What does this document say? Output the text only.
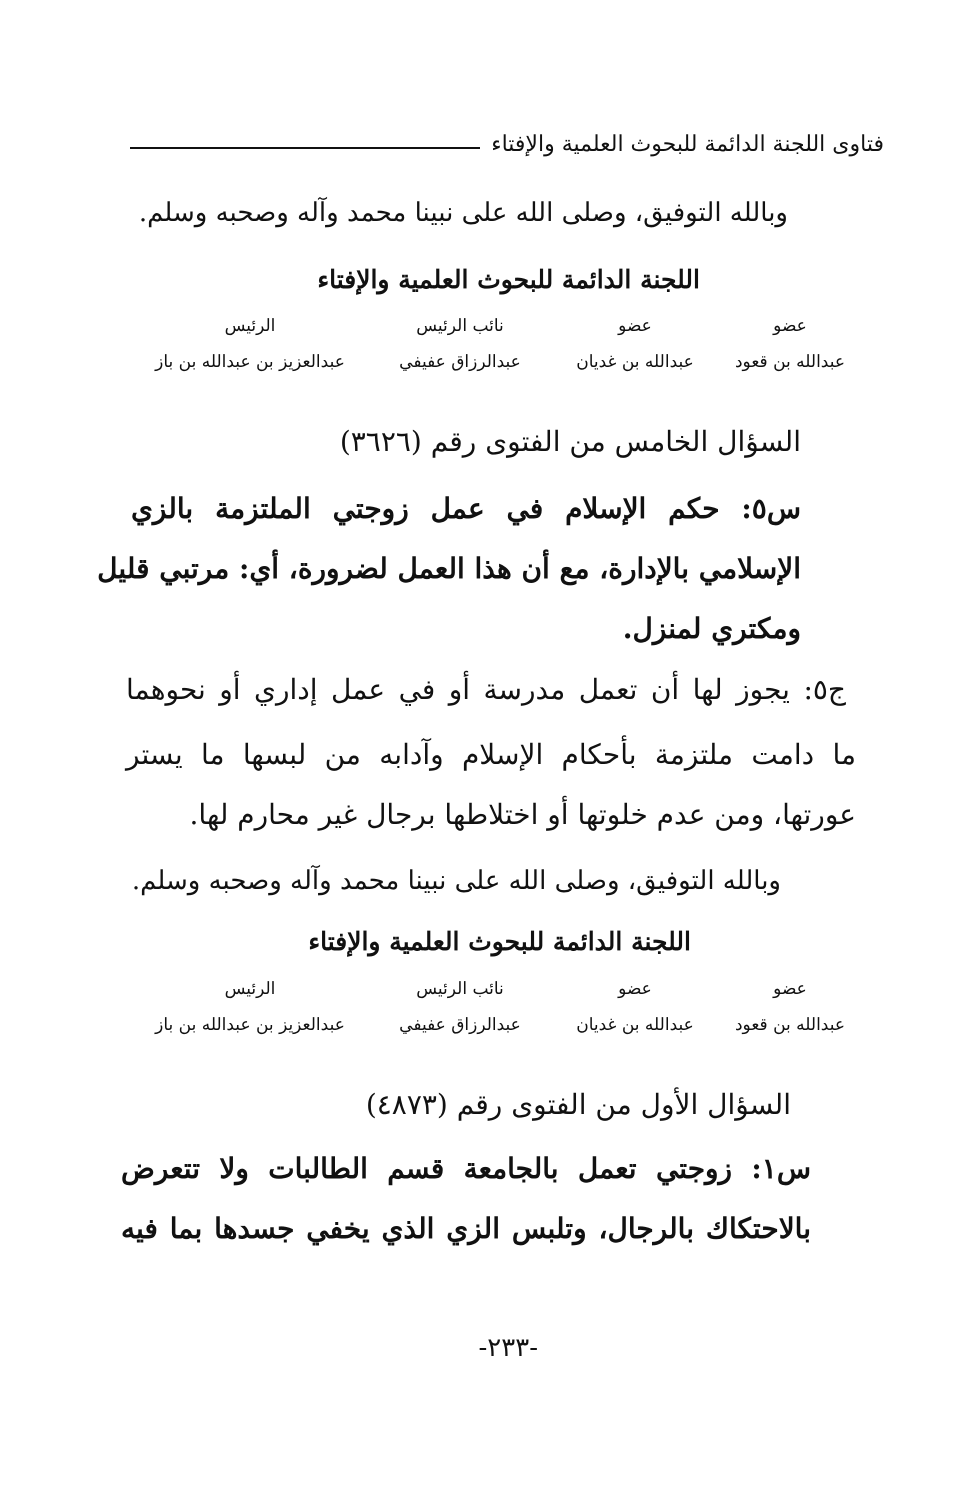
فتاوى اللجنة الدائمة للبحوث العلمية والإفتاء
وبالله التوفيق، وصلى الله على نبينا محمد وآله وصحبه وسلم.
اللجنة الدائمة للبحوث العلمية والإفتاء
عضو
عبدالله بن قعود
عضو
عبدالله بن غديان
نائب الرئيس
عبدالرزاق عفيفي
الرئيس
عبدالعزيز بن عبدالله بن باز
السؤال الخامس من الفتوى رقم (٣٦٢٦)
س٥: حكم الإسلام في عمل زوجتي الملتزمة بالزي
الإسلامي بالإدارة، مع أن هذا العمل لضرورة، أي: مرتبي قليل
ومكتري لمنزل.
ج٥: يجوز لها أن تعمل مدرسة أو في عمل إداري أو نحوهما
ما دامت ملتزمة بأحكام الإسلام وآدابه من لبسها ما يستر
عورتها، ومن عدم خلوتها أو اختلاطها برجال غير محارم لها.
وبالله التوفيق، وصلى الله على نبينا محمد وآله وصحبه وسلم.
اللجنة الدائمة للبحوث العلمية والإفتاء
عضو
عبدالله بن قعود
عضو
عبدالله بن غديان
نائب الرئيس
عبدالرزاق عفيفي
الرئيس
عبدالعزيز بن عبدالله بن باز
السؤال الأول من الفتوى رقم (٤٨٧٣)
س١: زوجتي تعمل بالجامعة قسم الطالبات ولا تتعرض
بالاحتكاك بالرجال، وتلبس الزي الذي يخفي جسدها بما فيه
-٢٣٣-
